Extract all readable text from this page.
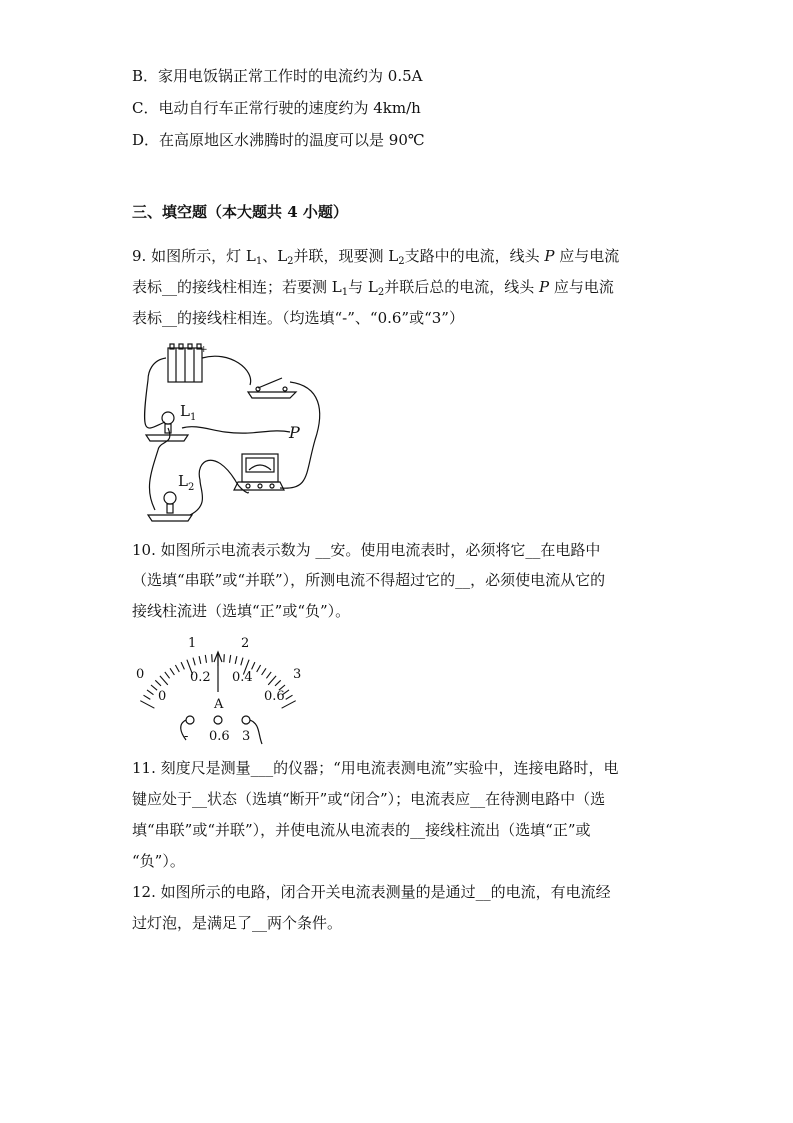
B．家用电饭锅正常工作时的电流约为 0.5A
C．电动自行车正常行驶的速度约为 4km/h
D．在高原地区水沸腾时的温度可以是 90℃
三、填空题（本大题共 4 小题）
9. 如图所示，灯 $L_1$、$L_2$并联，现要测 $L_2$支路中的电流，线头 P 应与电流
表标__的接线柱相连；若要测 $L_1$与 $L_2$并联后总的电流，线头 P 应与电流
表标__的接线柱相连。（均选填“-”、“0.6”或“3”）
-
+
$L_1$
$L_2$
P
10. 如图所示电流表示数为 __安。使用电流表时，必须将它__在电路中
（选填“串联”或“并联”），所测电流不得超过它的__，必须使电流从它的
接线柱流进（选填“正”或“负”）。
0
1	2
3
0
0.2 0.4
0.6
A
- 0.6 3
11. 刻度尺是测量___的仪器；“用电流表测电流”实验中，连接电路时，电
键应处于__状态（选填“断开”或“闭合”）；电流表应__在待测电路中（选
填“串联”或“并联”），并使电流从电流表的__接线柱流出（选填“正”或
“负”）。
12. 如图所示的电路，闭合开关电流表测量的是通过__的电流，有电流经
过灯泡，是满足了__两个条件。
